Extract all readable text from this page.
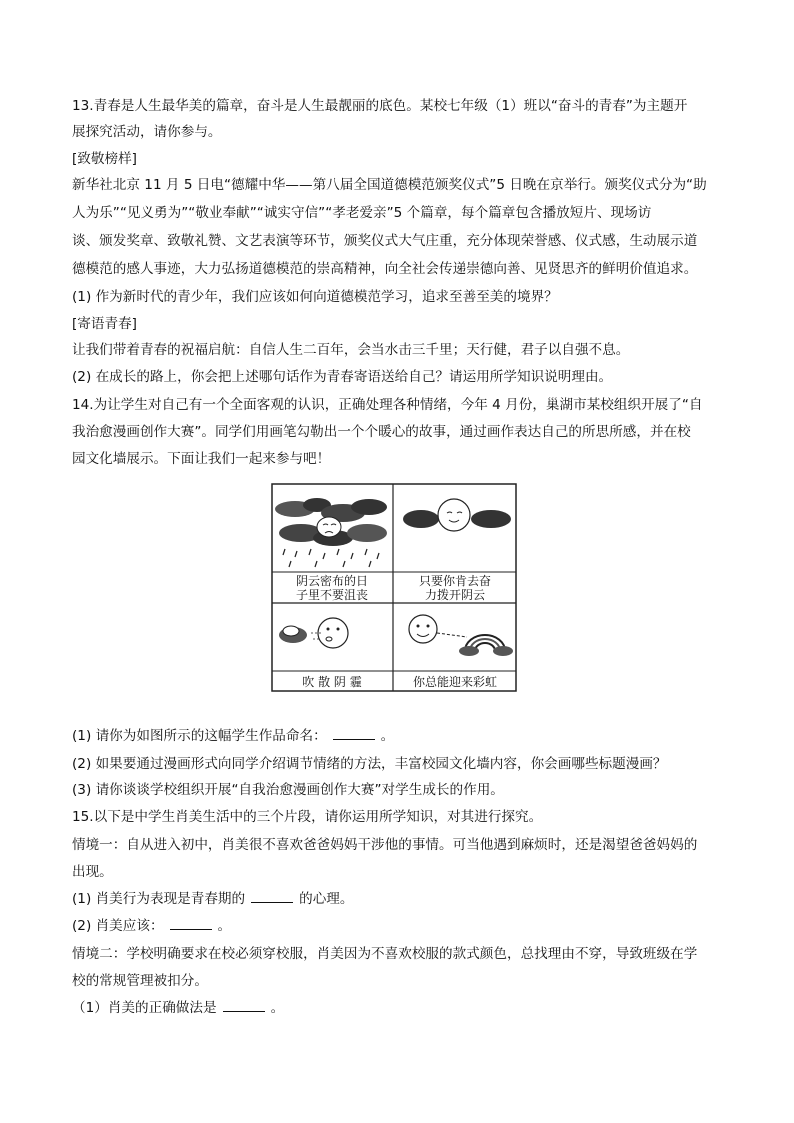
13.青春是人生最华美的篇章，奋斗是人生最靓丽的底色。某校七年级（1）班以“奋斗的青春”为主题开
展探究活动，请你参与。
[致敬榜样]
新华社北京 11 月 5 日电“德耀中华——第八届全国道德模范颁奖仪式”5 日晚在京举行。颁奖仪式分为“助
人为乐”“见义勇为”“敬业奉献”“诚实守信”“孝老爱亲”5 个篇章，每个篇章包含播放短片、现场访
谈、颁发奖章、致敬礼赞、文艺表演等环节，颁奖仪式大气庄重，充分体现荣誉感、仪式感，生动展示道
德模范的感人事迹，大力弘扬道德模范的崇高精神，向全社会传递崇德向善、见贤思齐的鲜明价值追求。
(1) 作为新时代的青少年，我们应该如何向道德模范学习，追求至善至美的境界？
[寄语青春]
让我们带着青春的祝福启航：自信人生二百年，会当水击三千里；天行健，君子以自强不息。
(2) 在成长的路上，你会把上述哪句话作为青春寄语送给自己？请运用所学知识说明理由。
14.为让学生对自己有一个全面客观的认识，正确处理各种情绪，今年 4 月份，巢湖市某校组织开展了“自
我治愈漫画创作大赛”。同学们用画笔勾勒出一个个暖心的故事，通过画作表达自己的所思所感，并在校
园文化墙展示。下面让我们一起来参与吧！
阴云密布的日
子里不要沮丧
只要你肯去奋
力拨开阴云
吹 散 阴 霾	你总能迎来彩虹
(1) 请你为如图所示的这幅学生作品命名：	。
(2) 如果要通过漫画形式向同学介绍调节情绪的方法，丰富校园文化墙内容，你会画哪些标题漫画？
(3) 请你谈谈学校组织开展“自我治愈漫画创作大赛”对学生成长的作用。
15.以下是中学生肖美生活中的三个片段，请你运用所学知识，对其进行探究。
情境一：自从进入初中，肖美很不喜欢爸爸妈妈干涉他的事情。可当他遇到麻烦时，还是渴望爸爸妈妈的
出现。
(1) 肖美行为表现是青春期的	的心理。
(2) 肖美应该：	。
情境二：学校明确要求在校必须穿校服，肖美因为不喜欢校服的款式颜色，总找理由不穿，导致班级在学
校的常规管理被扣分。
（1）肖美的正确做法是	。
